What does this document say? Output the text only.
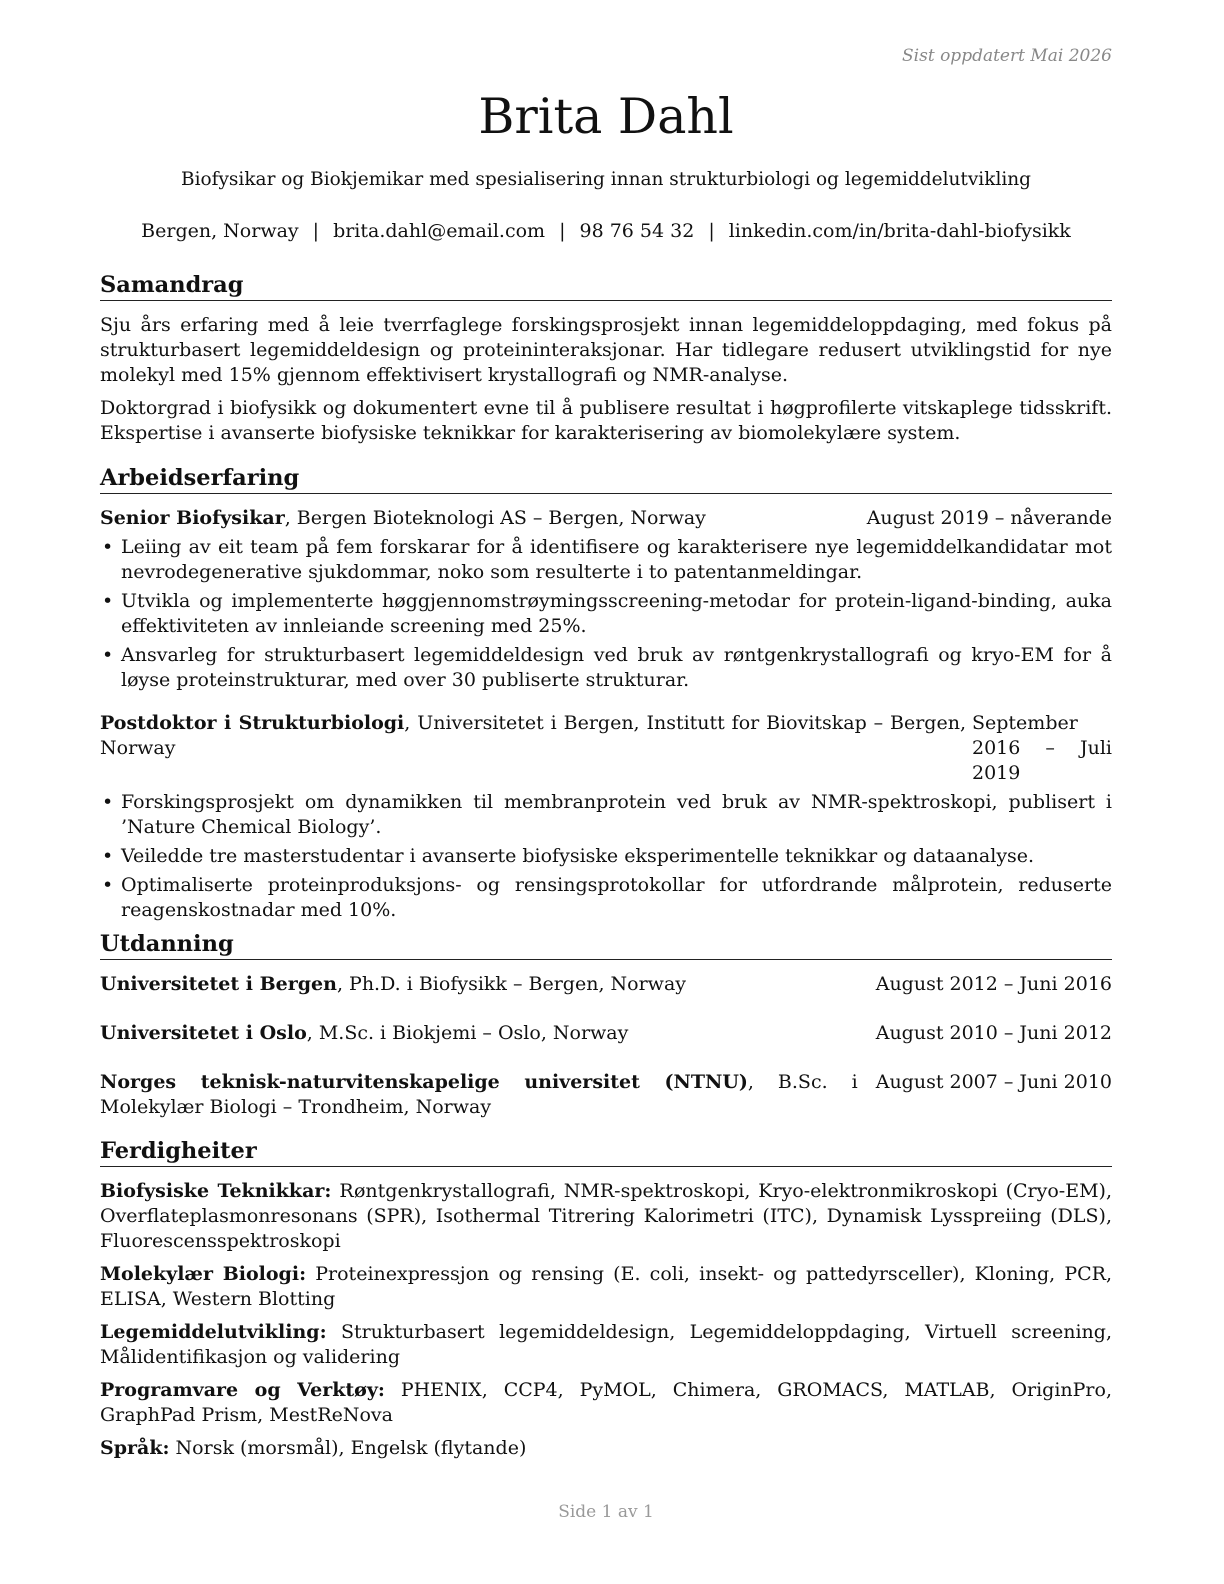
Sist oppdatert Mai 2026
Brita Dahl
Biofysikar og Biokjemikar med spesialisering innan strukturbiologi og legemiddelutvikling
Bergen, Norway | brita.dahl@email.com | 98 76 54 32 | linkedin.com/in/brita-dahl-biofysikk
Samandrag

Sju års erfaring med å leie tverrfaglege forskingsprosjekt innan legemiddeloppdaging, med fokus på strukturbasert legemiddeldesign og proteininteraksjonar. Har tidlegare redusert utviklingstid for nye molekyl med 15% gjennom effektivisert krystallografi og NMR-analyse.

Doktorgrad i biofysikk og dokumentert evne til å publisere resultat i høgprofilerte vitskaplege tidsskrift. Ekspertise i avanserte biofysiske teknikkar for karakterisering av biomolekylære system.

Arbeidserfaring
Senior Biofysikar, Bergen Bioteknologi AS – Bergen, Norway	August 2019 – nåverande
• Leiing av eit team på fem forskarar for å identifisere og karakterisere nye legemiddelkandidatar mot nevrodegenerative sjukdommar, noko som resulterte i to patentanmeldingar.
• Utvikla og implementerte høggjennomstrøymingsscreening-metodar for protein-ligand-binding, auka effektiviteten av innleiande screening med 25%.
• Ansvarleg for strukturbasert legemiddeldesign ved bruk av røntgenkrystallografi og kryo-EM for å løyse proteinstrukturar, med over 30 publiserte strukturar.
Postdoktor i Strukturbiologi, Universitetet i Bergen, Institutt for Biovitskap – Bergen, Norway
September 2016 – Juli 2019
• Forskingsprosjekt om dynamikken til membranprotein ved bruk av NMR-spektroskopi, publisert i ’Nature Chemical Biology’.
• Veiledde tre masterstudentar i avanserte biofysiske eksperimentelle teknikkar og dataanalyse.
• Optimaliserte proteinproduksjons- og rensingsprotokollar for utfordrande målprotein, reduserte reagenskostnadar med 10%.
Utdanning
Universitetet i Bergen, Ph.D. i Biofysikk – Bergen, Norway	August 2012 – Juni 2016
Universitetet i Oslo, M.Sc. i Biokjemi – Oslo, Norway	August 2010 – Juni 2012
Norges teknisk-naturvitenskapelige universitet (NTNU), B.Sc. i Molekylær Biologi – Trondheim, Norway
August 2007 – Juni 2010
Ferdigheiter
Biofysiske Teknikkar: Røntgenkrystallografi, NMR-spektroskopi, Kryo-elektronmikroskopi (Cryo-EM), Overflateplasmonresonans (SPR), Isothermal Titrering Kalorimetri (ITC), Dynamisk Lysspreiing (DLS), Fluorescensspektroskopi
Molekylær Biologi: Proteinexpressjon og rensing (E. coli, insekt- og pattedyrsceller), Kloning, PCR, ELISA, Western Blotting
Legemiddelutvikling: Strukturbasert legemiddeldesign, Legemiddeloppdaging, Virtuell screening, Målidentifikasjon og validering
Programvare og Verktøy: PHENIX, CCP4, PyMOL, Chimera, GROMACS, MATLAB, OriginPro, GraphPad Prism, MestReNova
Språk: Norsk (morsmål), Engelsk (flytande)
Side 1 av 1
